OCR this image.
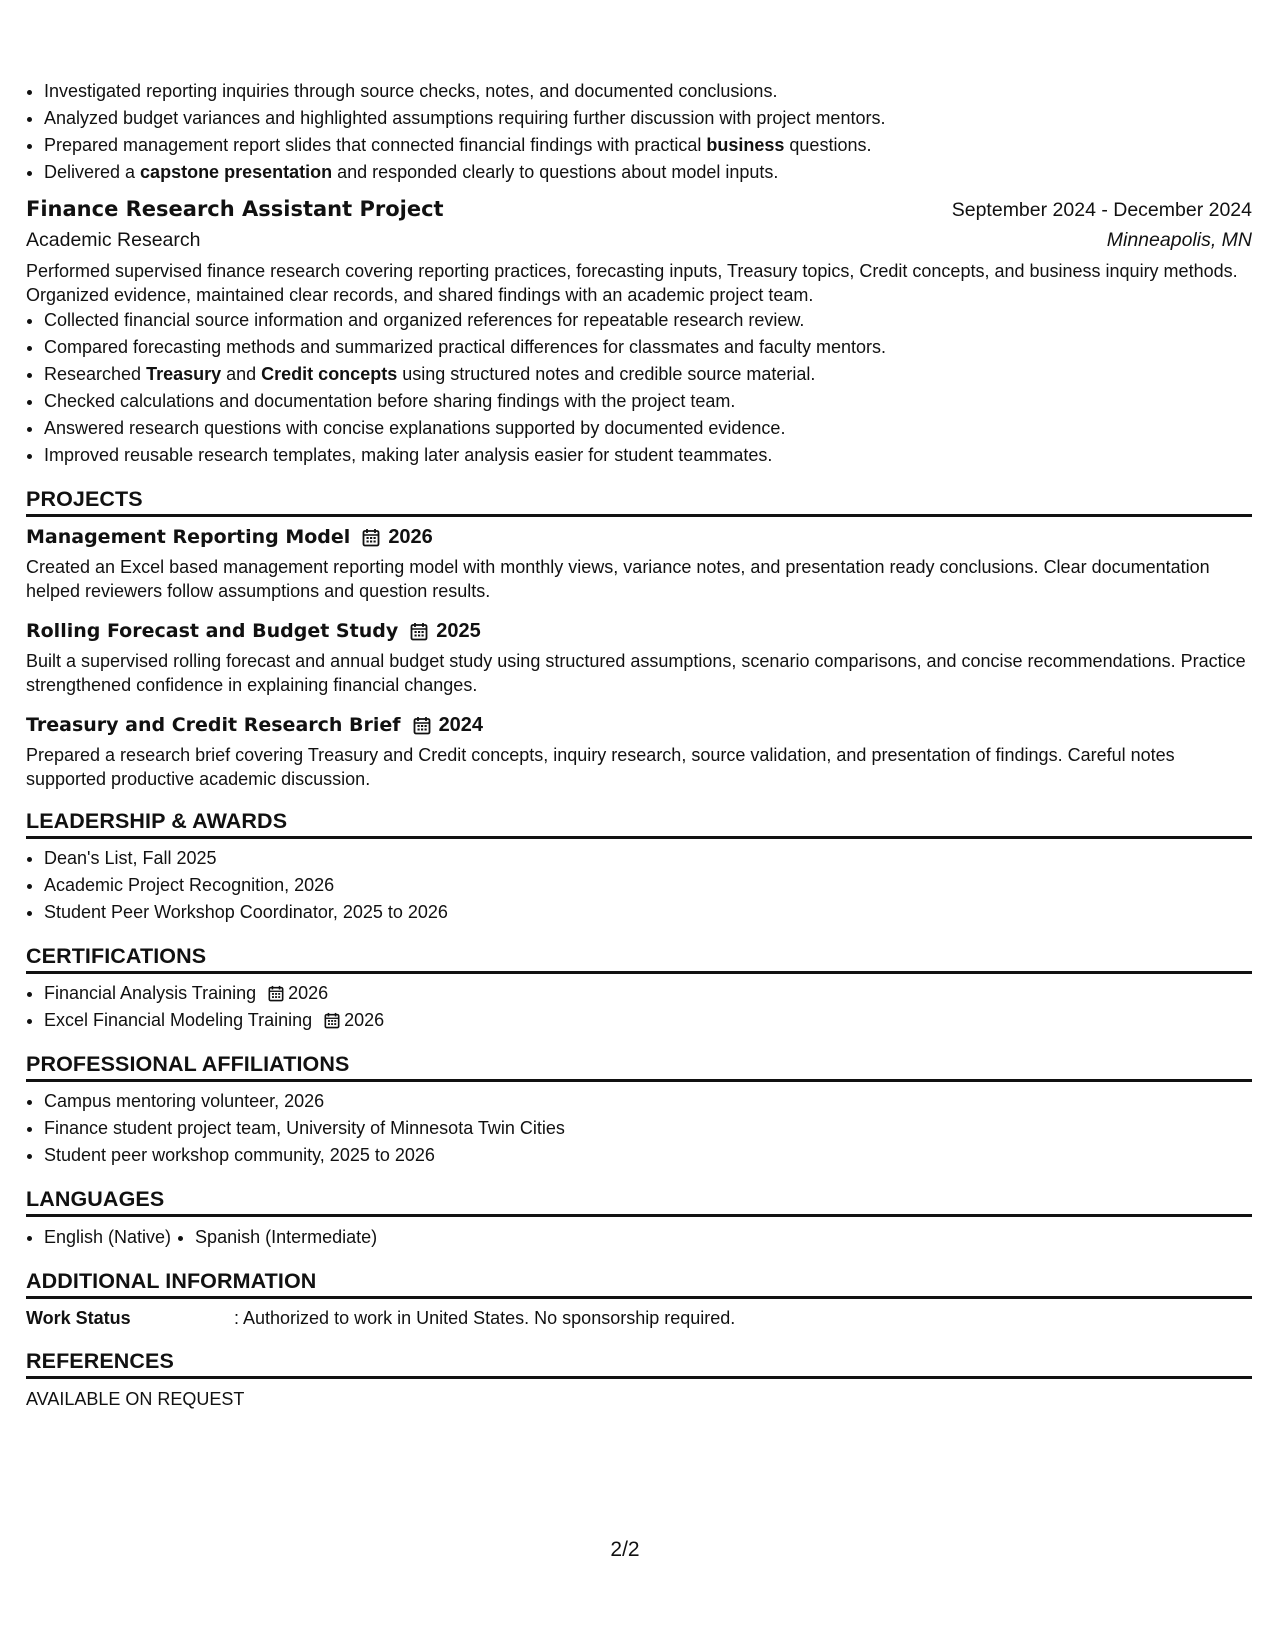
• Investigated reporting inquiries through source checks, notes, and documented conclusions.
• Analyzed budget variances and highlighted assumptions requiring further discussion with project mentors.
• Prepared management report slides that connected financial findings with practical business questions.
• Delivered a capstone presentation and responded clearly to questions about model inputs.
Finance Research Assistant Project	September 2024 - December 2024
Academic Research	Minneapolis, MN
Performed supervised finance research covering reporting practices, forecasting inputs, Treasury topics, Credit concepts, and business inquiry methods. Organized evidence, maintained clear records, and shared findings with an academic project team.
• Collected financial source information and organized references for repeatable research review.
• Compared forecasting methods and summarized practical differences for classmates and faculty mentors.
• Researched Treasury and Credit concepts using structured notes and credible source material.
• Checked calculations and documentation before sharing findings with the project team.
• Answered research questions with concise explanations supported by documented evidence.
• Improved reusable research templates, making later analysis easier for student teammates.
PROJECTS
Management Reporting Model 2026
Created an Excel based management reporting model with monthly views, variance notes, and presentation ready conclusions. Clear documentation helped reviewers follow assumptions and question results.
Rolling Forecast and Budget Study 2025
Built a supervised rolling forecast and annual budget study using structured assumptions, scenario comparisons, and concise recommendations. Practice strengthened confidence in explaining financial changes.
Treasury and Credit Research Brief 2024
Prepared a research brief covering Treasury and Credit concepts, inquiry research, source validation, and presentation of findings. Careful notes supported productive academic discussion.
LEADERSHIP & AWARDS
• Dean's List, Fall 2025
• Academic Project Recognition, 2026
• Student Peer Workshop Coordinator, 2025 to 2026
CERTIFICATIONS
• Financial Analysis Training 2026
• Excel Financial Modeling Training 2026
PROFESSIONAL AFFILIATIONS
• Campus mentoring volunteer, 2026
• Finance student project team, University of Minnesota Twin Cities
• Student peer workshop community, 2025 to 2026
LANGUAGES
• English (Native)
• Spanish (Intermediate)
ADDITIONAL INFORMATION
Work Status	: Authorized to work in United States. No sponsorship required.
REFERENCES
AVAILABLE ON REQUEST
2/2
